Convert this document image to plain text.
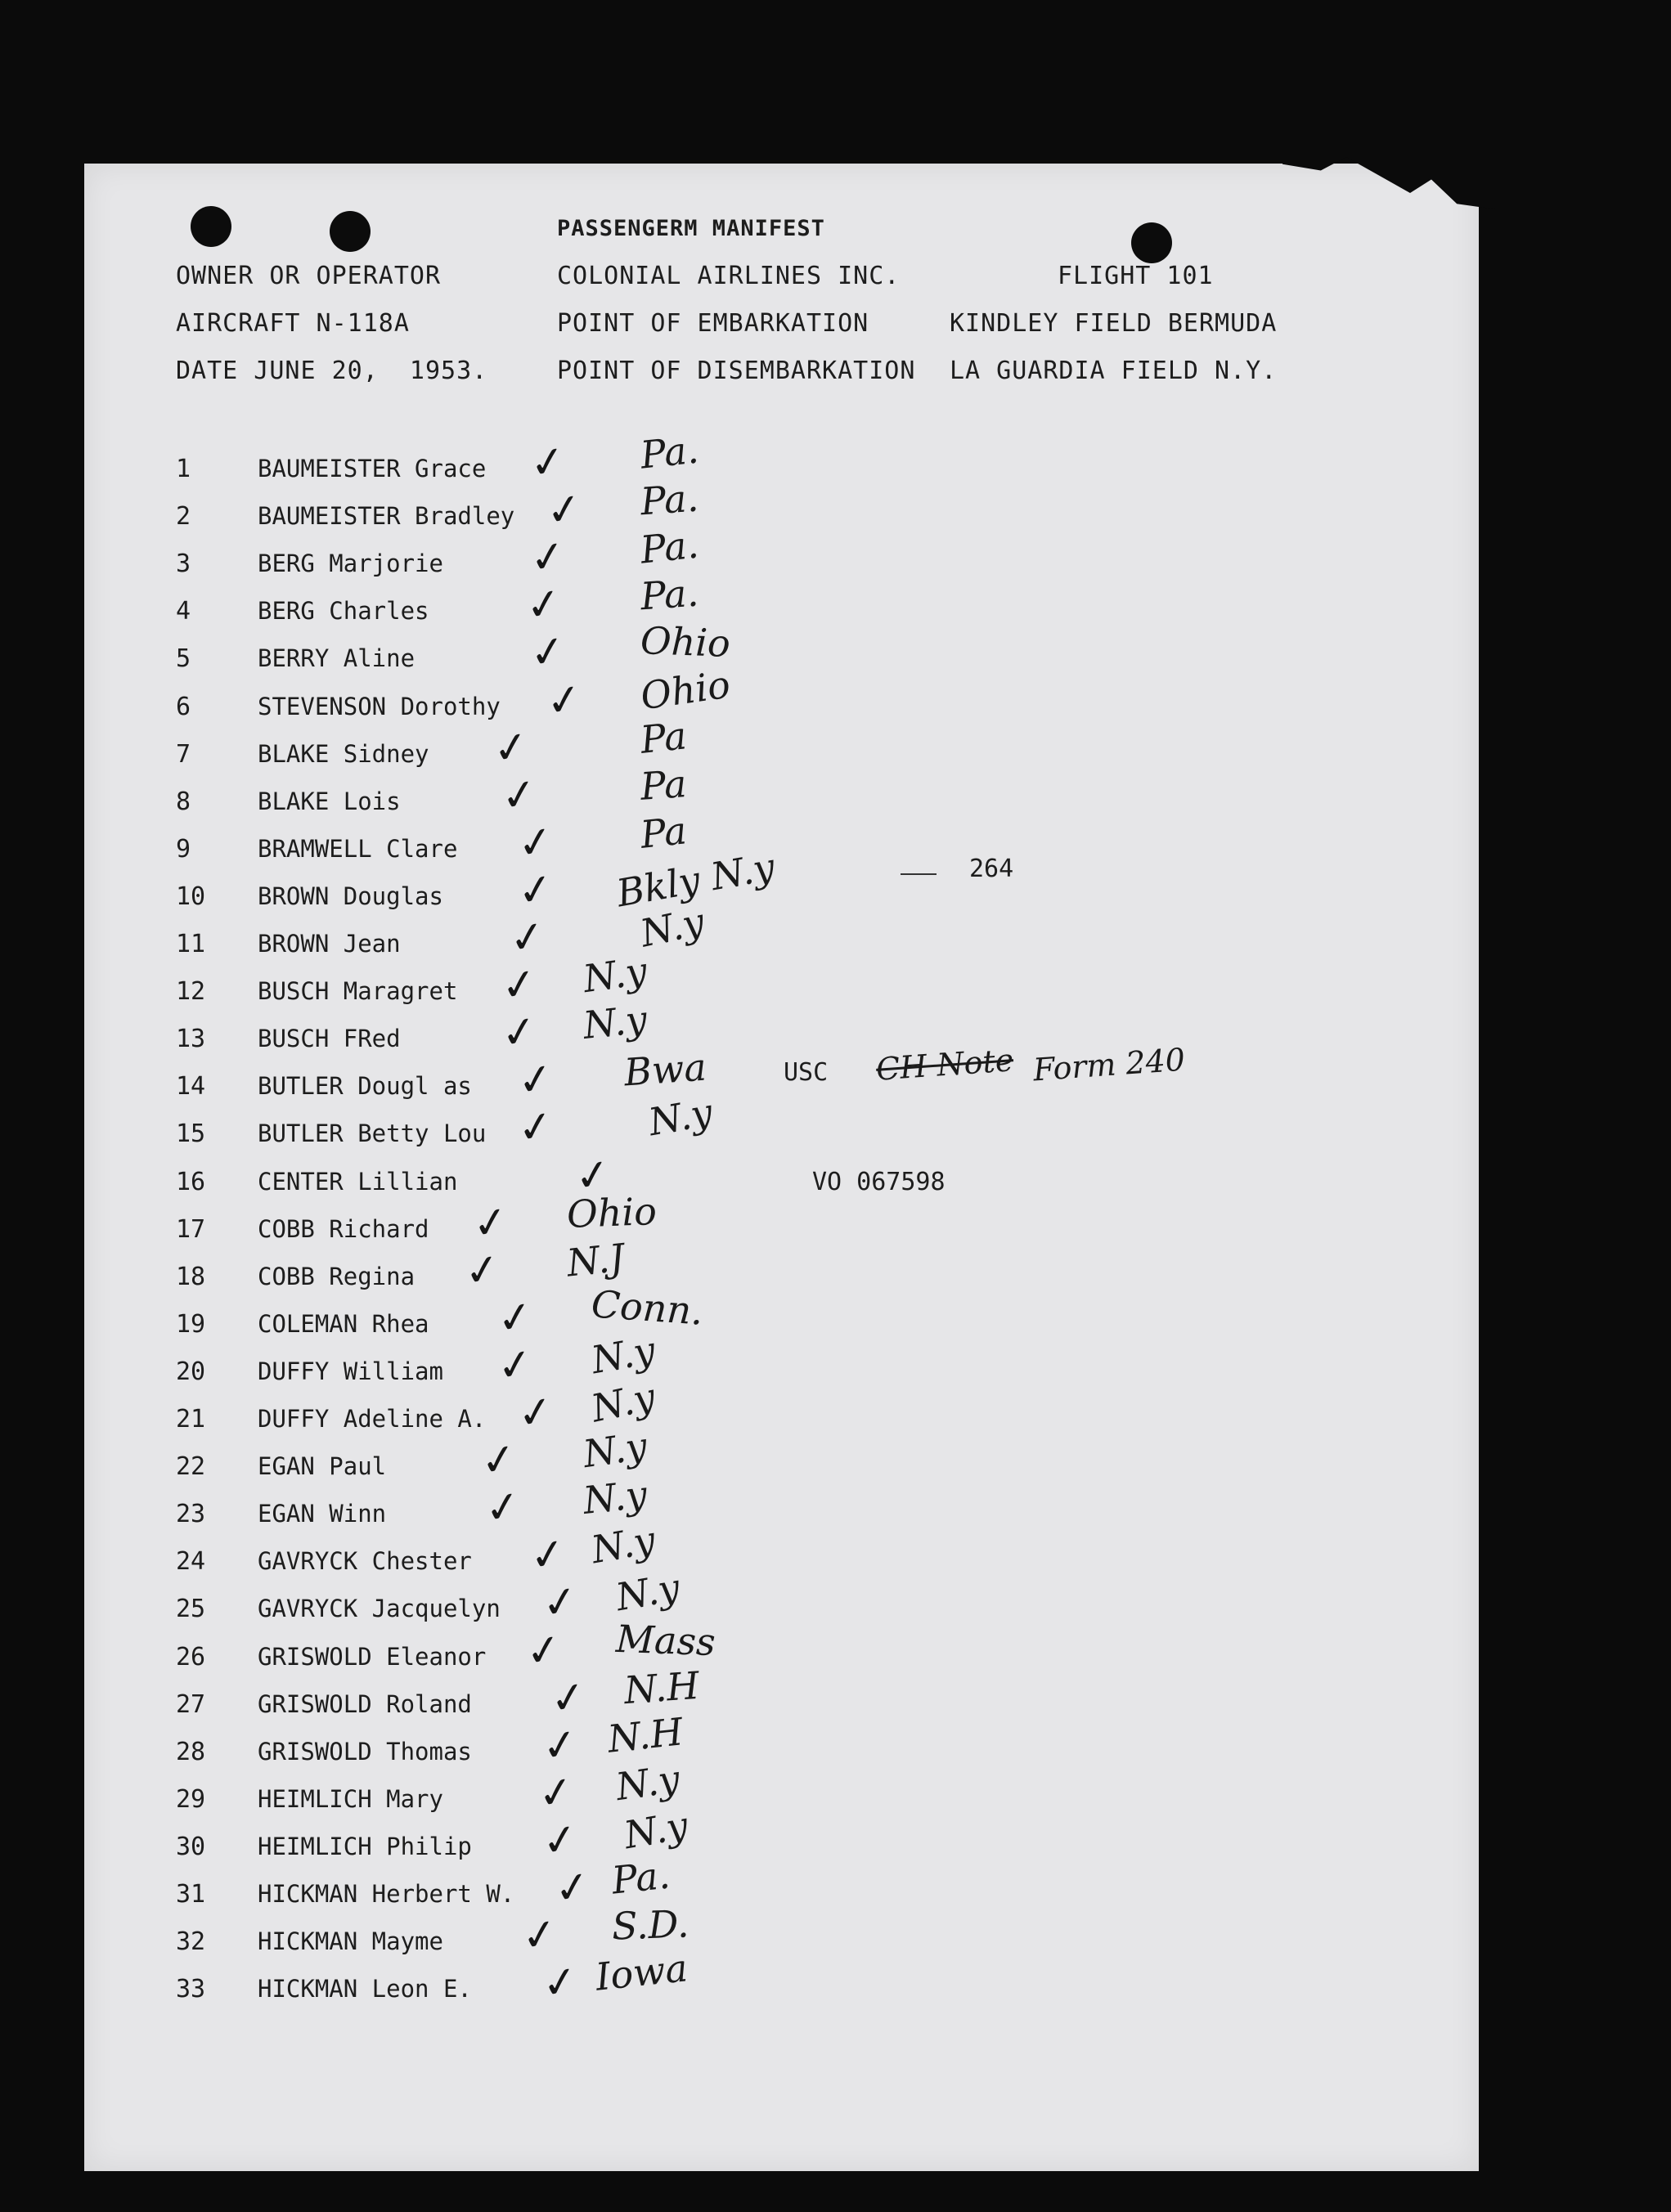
PASSENGERM MANIFEST
OWNER OR OPERATOR	COLONIAL AIRLINES INC.	FLIGHT 101
AIRCRAFT N-118A	POINT OF EMBARKATION	KINDLEY FIELD BERMUDA
DATE JUNE 20,  1953.	POINT OF DISEMBARKATION LA GUARDIA FIELD N.Y.
1	BAUMEISTER Grace ✓ Pa.
2	BAUMEISTER Bradley ✓ Pa.
3	BERG Marjorie ✓ Pa.
4	BERG Charles ✓ Pa.
5	BERRY Aline	✓ Ohio
6	STEVENSON Dorothy ✓ Ohio
7	BLAKE Sidney ✓	Pa
8	BLAKE Lois ✓	Pa
9	BRAMWELL Clare ✓ Pa
10 BROWN Douglas ✓ Bkly N.y
11 BROWN Jean ✓ N.y
12 BUSCH Maragret ✓ N.y
13 BUSCH FRed ✓ N.y
14 BUTLER Dougl as ✓ Bwa
15 BUTLER Betty Lou ✓ N.y
16 CENTER Lillian	✓
17 COBB Richard ✓ Ohio
18 COBB Regina ✓ N.J
19 COLEMAN Rhea ✓ Conn.
20 DUFFY William ✓ N.y
21 DUFFY Adeline A. ✓ N.y
22 EGAN Paul ✓ N.y
23 EGAN Winn ✓ N.y
24 GAVRYCK Chester ✓ N.y
25 GAVRYCK Jacquelyn ✓ N.y
26 GRISWOLD Eleanor ✓ Mass
27 GRISWOLD Roland ✓ N.H
28 GRISWOLD Thomas ✓ N.H
29 HEIMLICH Mary ✓ N.y
30 HEIMLICH Philip ✓ N.y
31 HICKMAN Herbert W. ✓ Pa.
32 HICKMAN Mayme ✓ S.D.
33 HICKMAN Leon E. ✓ Iowa
264
USC CH Note Form 240
VO 067598
